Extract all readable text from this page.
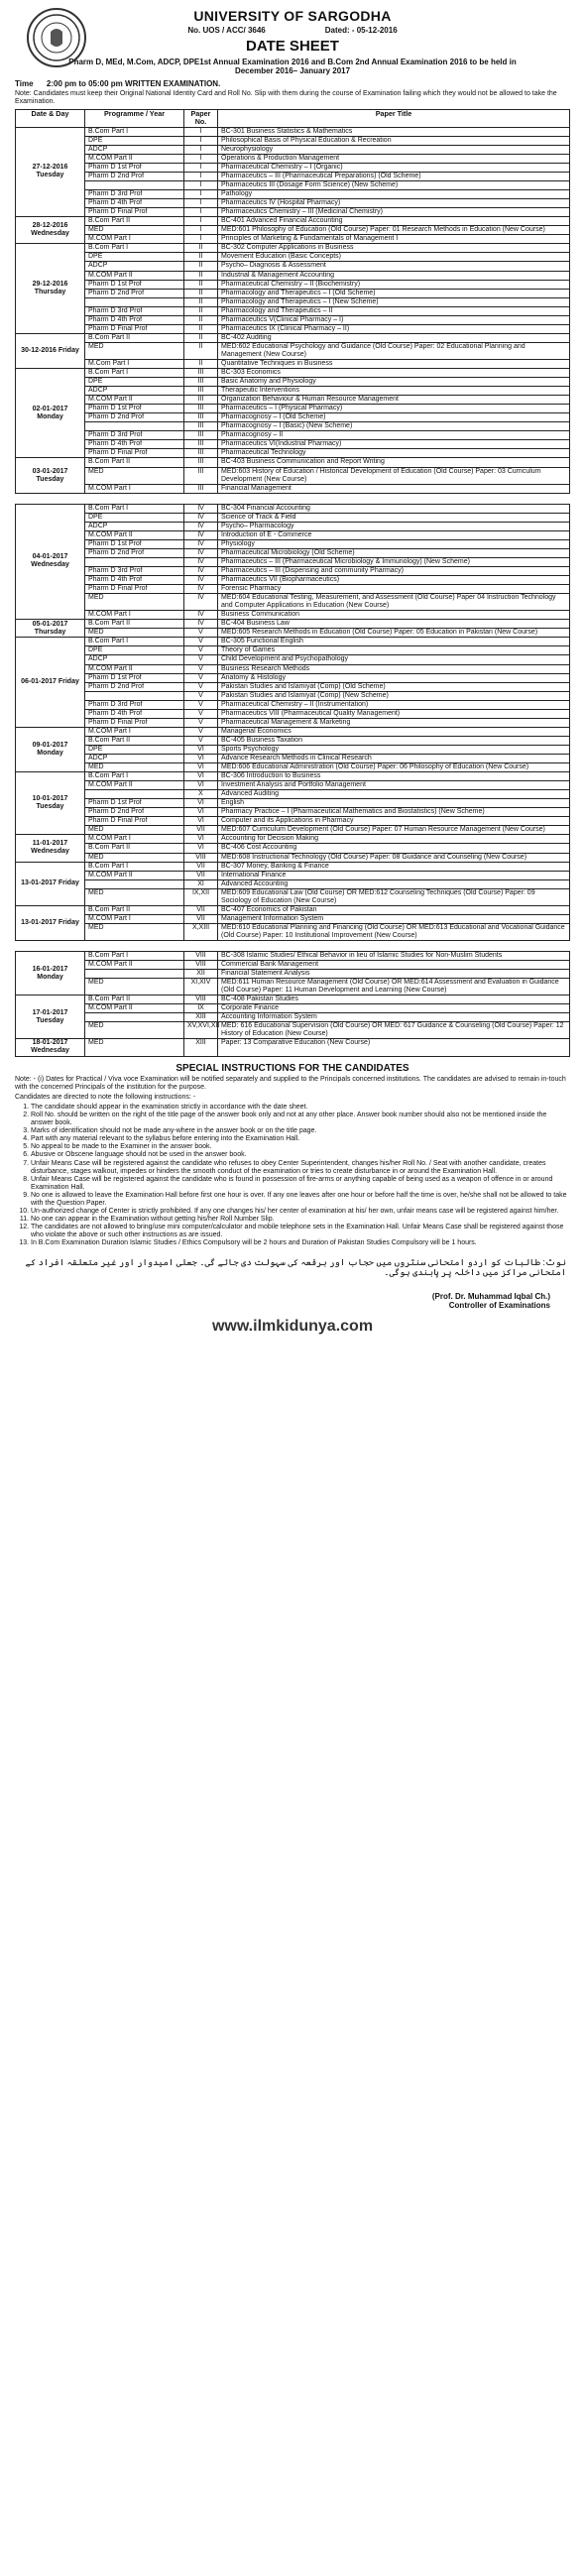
UNIVERSITY OF SARGODHA
No. UOS / ACC/ 3646	Dated: - 05-12-2016
DATE SHEET
Pharm D, MEd, M.Com, ADCP, DPE1st Annual Examination 2016 and B.Com 2nd Annual Examination 2016 to be held in December 2016– January 2017
Time 2:00 pm to 05:00 pm WRITTEN EXAMINATION.
Note: Candidates must keep their Original National Identity Card and Roll No. Slip with them during the course of Examination failing which they would not be allowed to take the Examination.
Date & Day	Programme / Year	Paper No.	Paper Title
27-12-2016 Tuesday	B.Com Part I	I	BC-301 Business Statistics & Mathematics
	DPE	I	Philosophical Basis of Physical Education & Recreation
	ADCP	I	Neurophysiology
	M.COM Part II	I	Operations & Production Management
	Pharm D 1st Prof	I	Pharmaceutical Chemistry – I (Organic)
	Pharm D 2nd Prof	I	Pharmaceutics – III (Pharmaceutical Preparations) (Old Scheme)
		I	Pharmaceutics III (Dosage Form Science) (New Scheme)
	Pharm D 3rd Prof	I	Pathology
	Pharm D 4th Prof	I	Pharmaceutics IV (Hospital Pharmacy)
	Pharm D Final Prof	I	Pharmaceutics Chemistry – III (Medicinal Chemistry)
28-12-2016 Wednesday	B.Com Part II	I	BC-401 Advanced Financial Accounting
	MED	I	MED:601 Philosophy of Education (Old Course) Paper: 01 Research Methods in Education (New Course)
	M.COM Part I	I	Principles of Marketing & Fundamentals of Management I
29-12-2016 Thursday	B.Com Part I	II	BC-302 Computer Applications in Business
	DPE	II	Movement Education (Basic Concepts)
	ADCP	II	Psycho– Diagnosis & Assessment
	M.COM Part II	II	Industrial & Management Accounting
	Pharm D 1st Prof	II	Pharmaceutical Chemistry – II (Biochemistry)
	Pharm D 2nd Prof	II	Pharmacology and Therapeutics – I (Old Scheme)
		II	Pharmacology and Therapeutics – I (New Scheme)
	Pharm D 3rd Prof	II	Pharmacology and Therapeutics – II
	Pharm D 4th Prof	II	Pharmaceutics V(Clinical Pharmacy – I)
	Pharm D Final Prof	II	Pharmaceutics IX (Clinical Pharmacy – II)
30-12-2016 Friday	B.Com Part II	II	BC-402 Auditing
	MED	II	MED:602 Educational Psychology and Guidance (Old Course) Paper: 02 Educational Planning and Management (New Course)
	M.Com Part I	II	Quantitative Techniques in Business
02-01-2017 Monday	B.Com Part I	III	BC-303 Economics
	DPE	III	Basic Anatomy and Physiology
	ADCP	III	Therapeutic Interventions
	M.COM Part II	III	Organization Behaviour & Human Resource Management
	Pharm D 1st Prof	III	Pharmaceutics – I (Physical Pharmacy)
	Pharm D 2nd Prof	III	Pharmacognosy – I (Old Scheme)
		III	Pharmacognosy – I (Basic) (New Scheme)
	Pharm D 3rd Prof	III	Pharmacognosy – II
	Pharm D 4th Prof	III	Pharmaceutics VI(Industrial Pharmacy)
	Pharm D Final Prof	III	Pharmaceutical Technology
03-01-2017 Tuesday	B.Com Part II	III	BC-403 Business Communication and Report Writing
	MED	III	MED:603 History of Education / Historical Development of Education (Old Course) Paper: 03 Curriculum Development (New Course)
	M.COM Part I	III	Financial Management
04-01-2017 Wednesday	B.Com Part I	IV	BC-304 Financial Accounting
	DPE	IV	Science of Track & Field
	ADCP	IV	Psycho– Pharmacology
	M.COM Part II	IV	Introduction of E - Commerce
	Pharm D 1st Prof	IV	Physiology
	Pharm D 2nd Prof	IV	Pharmaceutical Microbiology (Old Scheme)
		IV	Pharmaceutics – III (Pharmaceutical Microbiology & Immunology) (New Scheme)
	Pharm D 3rd Prof	IV	Pharmaceutics – III (Dispensing and community Pharmacy)
	Pharm D 4th Prof	IV	Pharmaceutics VII (Biopharmaceutics)
	Pharm D Final Prof	IV	Forensic Pharmacy
	MED	IV	MED:604 Educational Testing, Measurement, and Assessment (Old Course) Paper 04 Instruction Technology and Computer Applications in Education (New Course)
	M.COM Part I	IV	Business Communication
05-01-2017 Thursday	B.Com Part II	IV	BC-404 Business Law
	MED	V	MED:605 Research Methods in Education (Old Course) Paper: 05 Education in Pakistan (New Course)
06-01-2017 Friday	B.Com Part I	V	BC-305 Functional English
	DPE	V	Theory of Games
	ADCP	V	Child Development and Psychopathology
	M.COM Part II	V	Business Research Methods
	Pharm D 1st Prof	V	Anatomy & Histology
	Pharm D 2nd Prof	V	Pakistan Studies and Islamiyat (Comp) (Old Scheme)
		V	Pakistan Studies and Islamiyat (Comp) (New Scheme)
	Pharm D 3rd Prof	V	Pharmaceutical Chemistry – II (Instrumentation)
	Pharm D 4th Prof	V	Pharmaceutics VIII (Pharmaceutical Quality Management)
	Pharm D Final Prof	V	Pharmaceutical Management & Marketing
09-01-2017 Monday	M.COM Part I	V	Managerial Economics
	B.Com Part II	V	BC-405 Business Taxation
	DPE	VI	Sports Psychology
	ADCP	VI	Advance Research Methods in Clinical Research
	MED	VI	MED:606 Educational Administration (Old Course) Paper: 06 Philosophy of Education (New Course)
10-01-2017 Tuesday	B.Com Part I	VI	BC-306 Introduction to Business
	M.COM Part II	VI	Investment Analysis and Portfolio Management
		X	Advanced Auditing
	Pharm D 1st Prof	VI	English
	Pharm D 2nd Prof	VI	Pharmacy Practice – I (Pharmaceutical Mathematics and Biostatistics) (New Scheme)
	Pharm D Final Prof	VI	Computer and its Applications in Pharmacy
	MED	VII	MED:607 Curriculum Development (Old Course) Paper: 07 Human Resource Management (New Course)
11-01-2017 Wednesday	M.COM Part I	VI	Accounting for Decision Making
	B.Com Part II	VI	BC-406 Cost Accounting
	MED	VIII	MED:608 Instructional Technology (Old Course) Paper: 08 Guidance and Counseling (New Course)
13-01-2017 Friday	B.Com Part I	VII	BC-307 Money, Banking & Finance
	M.COM Part II	VII	International Finance
		XI	Advanced Accounting
	MED	IX,XII	MED:609 Educational Law (Old Course) OR MED:612 Counseling Techniques (Old Course) Paper: 09 Sociology of Education (New Course)
13-01-2017 Friday	B.Com Part II	VII	BC-407 Economics of Pakistan
	M.COM Part I	VII	Management Information System
	MED	X,XIII	MED:610 Educational Planning and Financing (Old Course) OR MED:613 Educational and Vocational Guidance (Old Course) Paper: 10 Institutional Improvement (New Course)
16-01-2017 Monday	B.Com Part I	VIII	BC-308 Islamic Studies/ Ethical Behavior in lieu of Islamic Studies for Non-Muslim Students
	M.COM Part II	VIII	Commercial Bank Management
		XII	Financial Statement Analysis
	MED	XI,XIV	MED:611 Human Resource Management (Old Course) OR MED:614 Assessment and Evaluation in Guidance (Old Course) Paper: 11 Human Development and Learning (New Course)
17-01-2017 Tuesday	B.Com Part II	VIII	BC-408 Pakistan Studies
	M.COM Part II	IX	Corporate Finance
		XIII	Accounting Information System
	MED	XV,XVI,XII	MED: 616 Educational Supervision (Old Course) OR MED: 617 Guidance & Counseling (Old Course) Paper: 12 History of Education (New Course)
18-01-2017 Wednesday	MED	XIII	Paper: 13 Comparative Education (New Course)
SPECIAL INSTRUCTIONS FOR THE CANDIDATES
Note: - (i) Dates for Practical / Viva voce Examination will be notified separately and supplied to the Principals concerned institutions. The candidates are advised to remain in-touch with the concerned Principals of the institution for the purpose.
Candidates are directed to note the following instructions: -
1. The candidate should appear in the examination strictly in accordance with the date sheet.
2. Roll No. should be written on the right of the title page of the answer book only and not at any other place. Answer book number should also not be mentioned inside the answer book.
3. Marks of identification should not be made any-where in the answer book or on the title page.
4. Part with any material relevant to the syllabus before entering into the Examination Hall.
5. No appeal to be made to the Examiner in the answer book.
6. Abusive or Obscene language should not be used in the answer book.
7. Unfair Means Case will be registered against the candidate who refuses to obey Center Superintendent, changes his/her Roll No. / Seat with another candidate, creates disturbance, stages walkout, impedes or hinders the smooth conduct of the examination or tries to create disturbance in or around the Examination Hall.
8. Unfair Means Case will be registered against the candidate who is found in possession of fire-arms or anything capable of being used as a weapon of offence in or around Examination Hall.
9. No one is allowed to leave the Examination Hall before first one hour is over. If any one leaves after one hour or before half the time is over, he/she shall not be allowed to take with the Question Paper.
10. Un-authorized change of Center is strictly prohibited. If any one changes his/ her center of examination at his/ her own, unfair means case will be registered against him/her.
11. No one can appear in the Examination without getting his/her Roll Number Slip.
12. The candidates are not allowed to bring/use mini computer/calculator and mobile telephone sets in the Examination Hall. Unfair Means Case shall be registered against those who violate the above or such other instructions as are issued.
13. In B.Com Examination Duration Islamic Studies / Ethics Compulsory will be 2 hours and Duration of Pakistan Studies Compulsory will be 1 hours.
نوٹ: طالبات کو اردو امتحانی سنٹروں میں حجاب اور برقعہ کی سہولت دی جائے گی۔ جعلی امیدوار اور غیر متعلقہ افراد کے امتحانی مراکز میں داخلہ پر پابندی ہوگی۔
(Prof. Dr. Muhammad Iqbal Ch.)
Controller of Examinations
www.ilmkidunya.com
